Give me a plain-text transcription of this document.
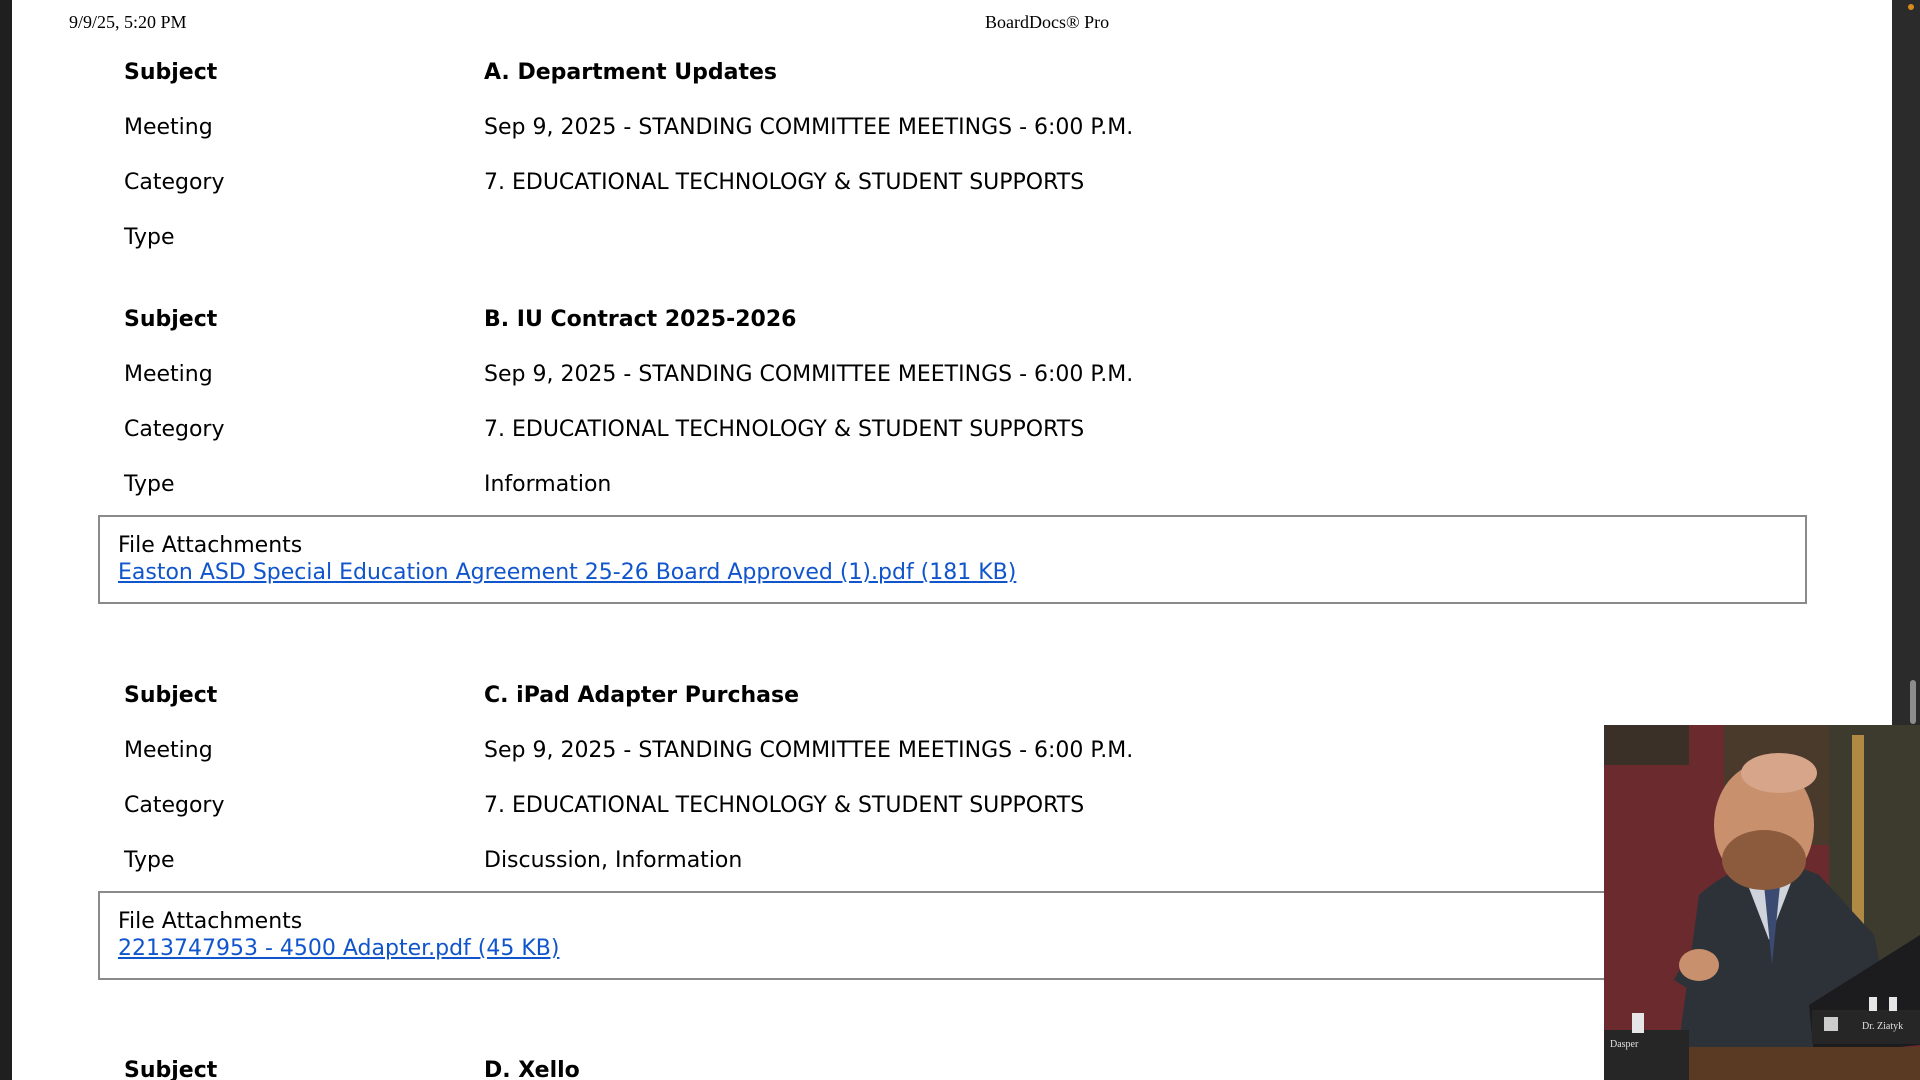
9/9/25, 5:20 PM	BoardDocs® Pro
Subject	A. Department Updates
Meeting	Sep 9, 2025 - STANDING COMMITTEE MEETINGS - 6:00 P.M.
Category	7. EDUCATIONAL TECHNOLOGY & STUDENT SUPPORTS
Type
Subject	B. IU Contract 2025-2026
Meeting	Sep 9, 2025 - STANDING COMMITTEE MEETINGS - 6:00 P.M.
Category	7. EDUCATIONAL TECHNOLOGY & STUDENT SUPPORTS
Type	Information
File Attachments
Easton ASD Special Education Agreement 25-26 Board Approved (1).pdf (181 KB)
Subject	C. iPad Adapter Purchase
Meeting	Sep 9, 2025 - STANDING COMMITTEE MEETINGS - 6:00 P.M.
Category	7. EDUCATIONAL TECHNOLOGY & STUDENT SUPPORTS
Type	Discussion, Information
File Attachments
2213747953 - 4500 Adapter.pdf (45 KB)
Subject	D. Xello
Dasper
Dr. Ziatyk
